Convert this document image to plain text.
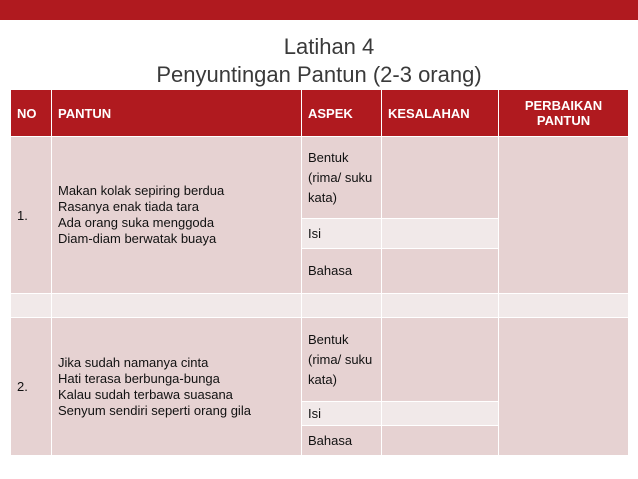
Latihan 4
Penyuntingan Pantun (2-3 orang)
NO	PANTUN	ASPEK	KESALAHAN	PERBAIKAN PANTUN
1.	Makan kolak sepiring berdua
Rasanya enak tiada tara
Ada orang suka menggoda
Diam-diam berwatak buaya	Bentuk (rima/ suku kata)		
		Isi		
		Bahasa		

2.	Jika sudah namanya cinta
Hati terasa berbunga-bunga
Kalau sudah terbawa suasana
Senyum sendiri seperti orang gila	Bentuk (rima/ suku kata)		
		Isi		
		Bahasa		
